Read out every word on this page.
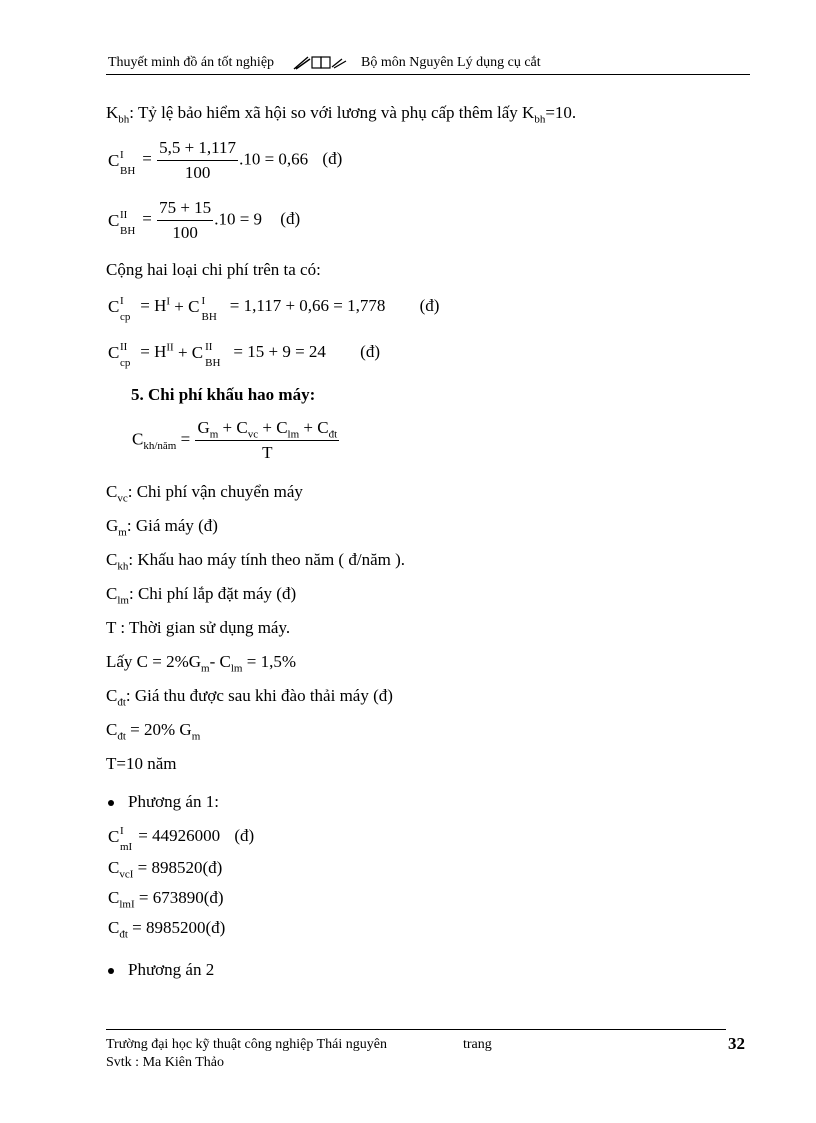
Thuyết minh đồ án tốt nghiệp	Bộ môn Nguyên Lý dụng cụ cắt
$K_{bh}$: Tỷ lệ bảo hiểm xã hội so với lương và phụ cấp thêm lấy $K_{bh}=10$.
C I
BH
= $\frac{5,5 + 1,117}{100} .10 = 0,66$ (đ)
C II
BH
= $\frac{75 + 15}{100} .10 = 9$ (đ)
Cộng hai loại chi phí trên ta có:
C I
cp
= $H^I + C$ I
BH
= 1,117 + 0,66 = 1,778 (đ)
C II
cp
= $H^{II} + C$ II
BH
= 15 + 9 = 24 (đ)
5. Chi phí khấu hao máy:
$C_{kh/năm} = \frac{G_m + C_{vc} + C_{lm} + C_{đt}}{T}$
$C_{vc}$: Chi phí vận chuyển máy
$G_m$: Giá máy (đ)
$C_{kh}$: Khấu hao máy tính theo năm ( đ/năm ).
$C_{lm}$: Chi phí lắp đặt máy (đ)
T : Thời gian sử dụng máy.
Lấy $C = 2\%G_m-$ $C_{lm} = 1,5\%$
$C_{đt}$: Giá thu được sau khi đào thải máy (đ)
$C_{đt} = 20\%$ $G_m$
T=10 năm
Phương án 1:
C I
mI
= 44926000 (đ)
$C_{vcI}$ = 898520(đ)
$C_{lmI}$ = 673890(đ)
$C_{đt}$ = 8985200(đ)
Phương án 2
Trường đại học kỹ thuật công nghiệp Thái nguyên	trang	32
Svtk : Ma Kiên Thảo
